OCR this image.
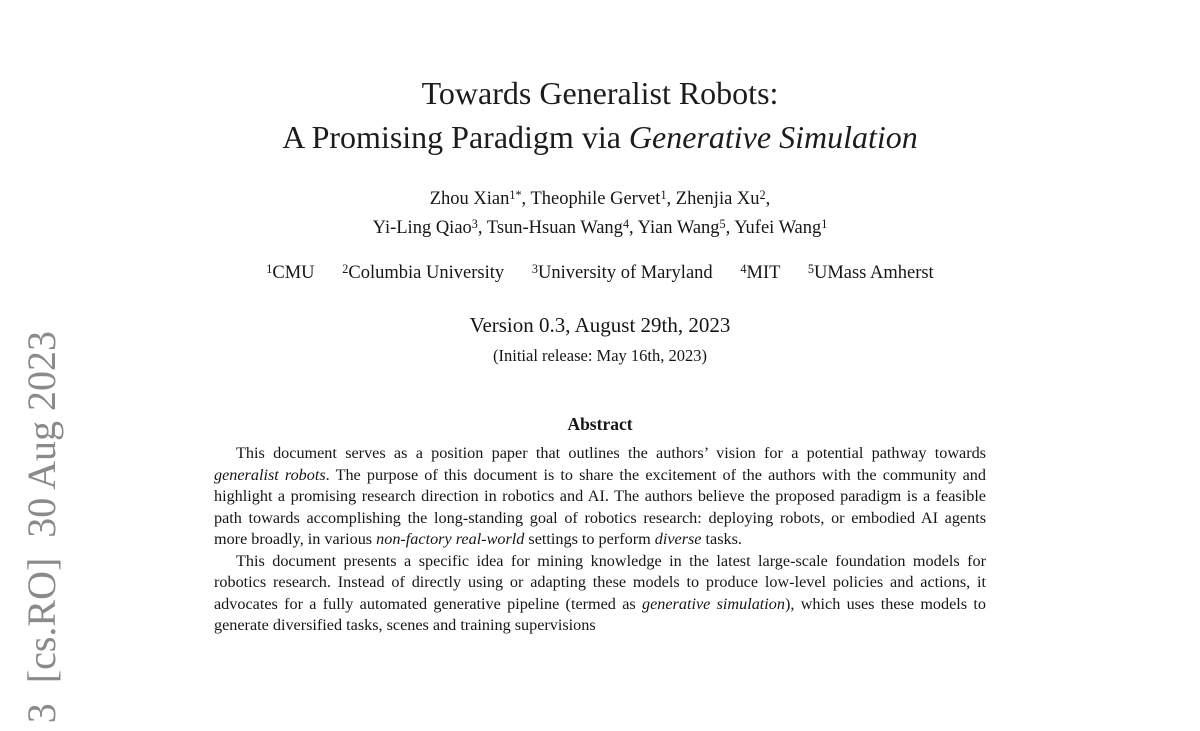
3  [cs.RO]  30 Aug 2023
Towards Generalist Robots:
A Promising Paradigm via Generative Simulation
Zhou Xian$^{1*}$, Theophile Gervet$^1$, Zhenjia Xu$^2$,
Yi-Ling Qiao$^3$, Tsun-Hsuan Wang$^4$, Yian Wang$^5$, Yufei Wang$^1$
$^1$CMU      $^2$Columbia University      $^3$University of Maryland      $^4$MIT      $^5$UMass Amherst
Version 0.3, August 29th, 2023
(Initial release: May 16th, 2023)
Abstract

This document serves as a position paper that outlines the authors’ vision for a potential pathway towards generalist robots. The purpose of this document is to share the excitement of the authors with the community and highlight a promising research direction in robotics and AI. The authors believe the proposed paradigm is a feasible path towards accomplishing the long-standing goal of robotics research: deploying robots, or embodied AI agents more broadly, in various non-factory real-world settings to perform diverse tasks.

This document presents a specific idea for mining knowledge in the latest large-scale foundation models for robotics research. Instead of directly using or adapting these models to produce low-level policies and actions, it advocates for a fully automated generative pipeline (termed as generative simulation), which uses these models to generate diversified tasks, scenes and training supervisions
